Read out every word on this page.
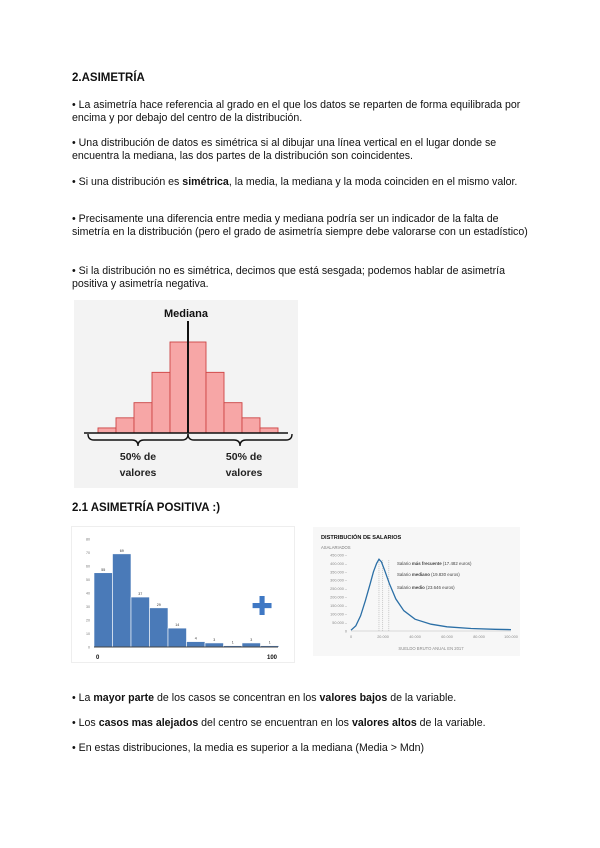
2.ASIMETRÍA
• La asimetría hace referencia al grado en el que los datos se reparten de forma equilibrada por encima y por debajo del centro de la distribución.
• Una distribución de datos es simétrica si al dibujar una línea vertical en el lugar donde se encuentra la mediana, las dos partes de la distribución son coincidentes.
• Si una distribución es simétrica, la media, la mediana y la moda coinciden en el mismo valor.
• Precisamente una diferencia entre media y mediana podría ser un indicador de la falta de simetría en la distribución (pero el grado de asimetría siempre debe valorarse con un estadístico)
• Si la distribución no es simétrica, decimos que está sesgada; podemos hablar de asimetría positiva y asimetría negativa.
Mediana
50% de
valores
50% de
valores
2.1 ASIMETRÍA POSITIVA :)
80
70
60
50
40
30
20
10
0
55
69
37
29
14
4	3
1
3
1
0	100
✚
DISTRIBUCIÓN DE SALARIOS
ASALARIADOS
450.000 –
400.000 –
350.000 –
300.000 –
250.000 –
200.000 –
150.000 –
100.000 –
50.000 –
0
0	20.000	40.000	60.000	80.000	100.000
Salario más frecuente (17.482 euros)
Salario mediano (19.830 euros)
Salario medio (23.646 euros)
SUELDO BRUTO ANUAL EN 2017
• La mayor parte de los casos se concentran en los valores bajos de la variable.
• Los casos mas alejados del centro se encuentran en los valores altos de la variable.
• En estas distribuciones, la media es superior a la mediana (Media > Mdn)
